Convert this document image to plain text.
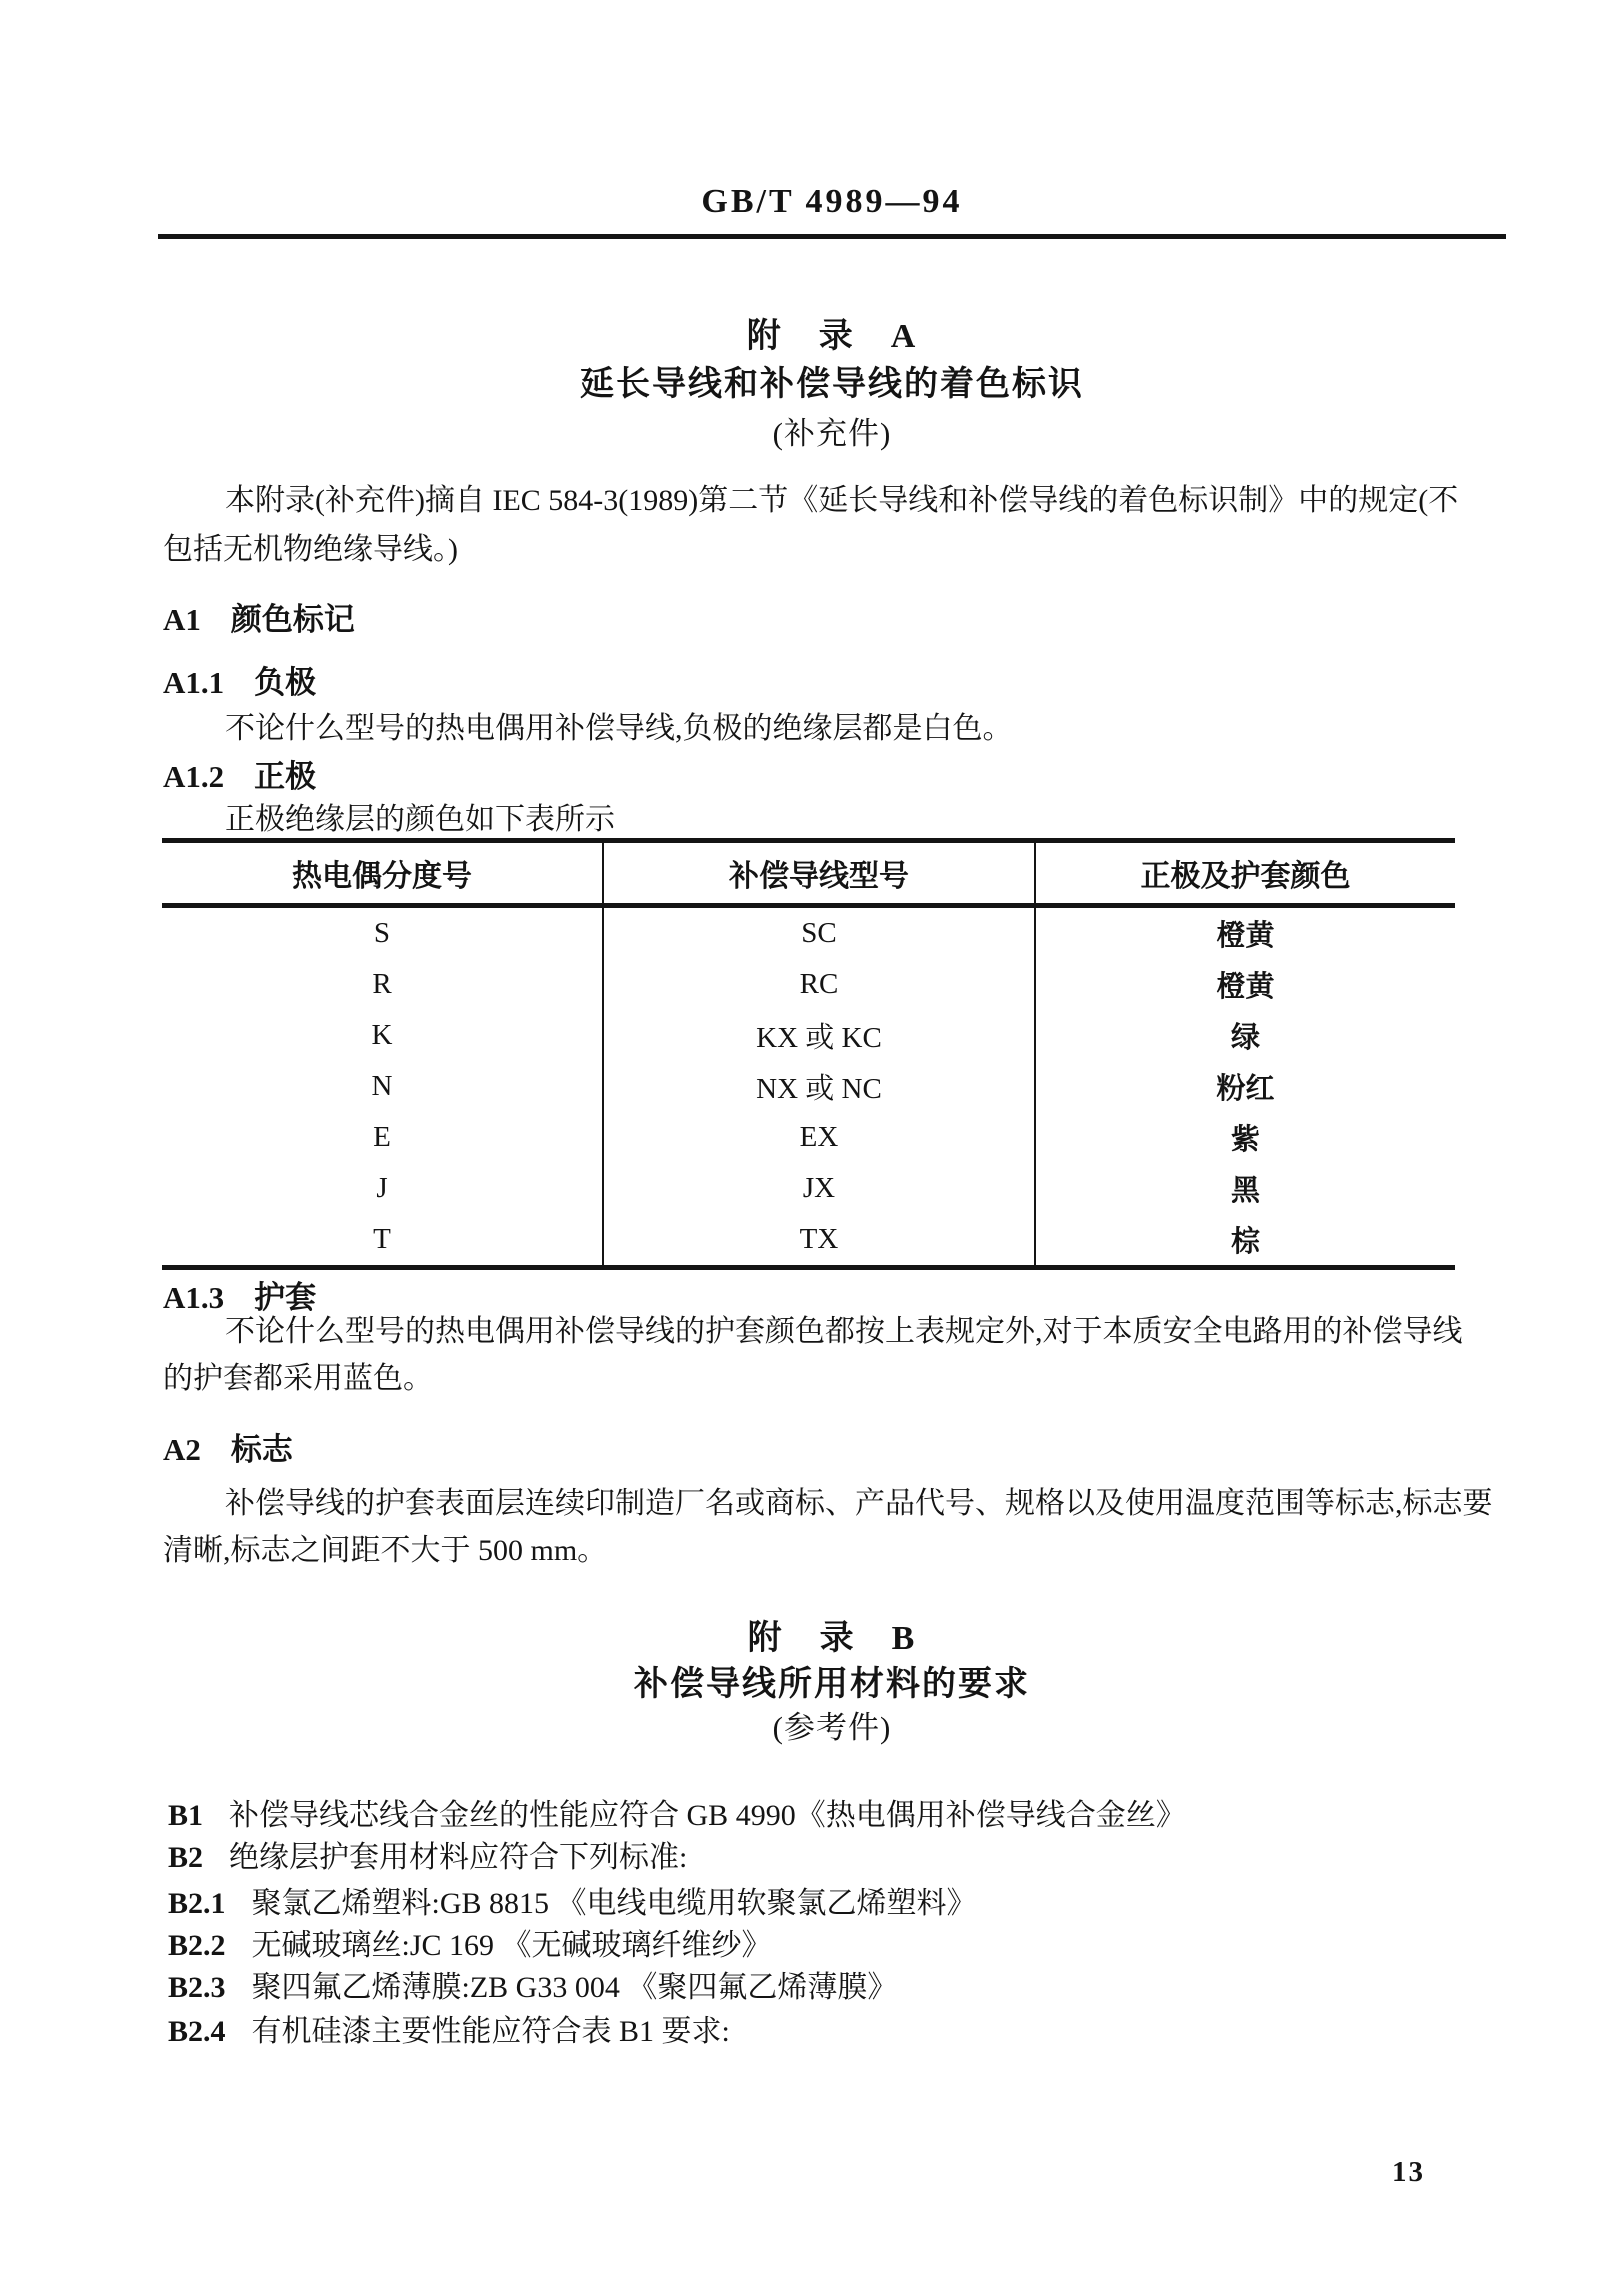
GB/T 4989—94
附　录　A
延长导线和补偿导线的着色标识
(补充件)
本附录(补充件)摘自 IEC 584-3(1989)第二节《延长导线和补偿导线的着色标识制》中的规定(不
包括无机物绝缘导线。)
A1 颜色标记
A1.1 负极
不论什么型号的热电偶用补偿导线,负极的绝缘层都是白色。
A1.2 正极
正极绝缘层的颜色如下表所示
热电偶分度号	补偿导线型号	正极及护套颜色
S	SC	橙黄
R	RC	橙黄
K	KX 或 KC	绿
N	NX 或 NC	粉红
E	EX	紫
J	JX	黑
T	TX	棕
A1.3 护套
不论什么型号的热电偶用补偿导线的护套颜色都按上表规定外,对于本质安全电路用的补偿导线
的护套都采用蓝色。
A2 标志
补偿导线的护套表面层连续印制造厂名或商标、产品代号、规格以及使用温度范围等标志,标志要
清晰,标志之间距不大于 500 mm。
附　录　B
补偿导线所用材料的要求
(参考件)
B1 补偿导线芯线合金丝的性能应符合 GB 4990《热电偶用补偿导线合金丝》
B2 绝缘层护套用材料应符合下列标准:
B2.1 聚氯乙烯塑料:GB 8815 《电线电缆用软聚氯乙烯塑料》
B2.2 无碱玻璃丝:JC 169 《无碱玻璃纤维纱》
B2.3 聚四氟乙烯薄膜:ZB G33 004 《聚四氟乙烯薄膜》
B2.4 有机硅漆主要性能应符合表 B1 要求:
13
